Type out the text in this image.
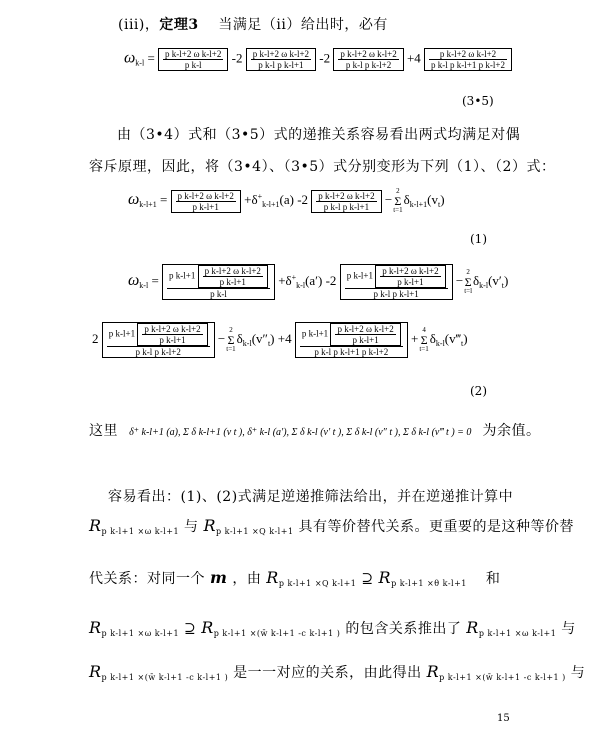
(iii)，定理3 当满足（ii）给出时，必有
$\omega_{k-l} = \frac{\text{p k-l+2 ω k-l+2}}{\text{p k-l}} -2 \frac{\text{p k-l+2 ω k-l+2}}{\text{p k-l p k-l+1}} -2 \frac{\text{p k-l+2 ω k-l+2}}{\text{p k-l p k-l+2}} +4 \frac{\text{p k-l+2 ω k-l+2}}{\text{p k-l p k-l+1 p k-l+2}}$
(3•5)
由（3•4）式和（3•5）式的递推关系容易看出两式均满足对偶
容斥原理，因此，将（3•4）、（3•5）式分别变形为下列（1）、（2）式：
$\omega_{k-l+1} = \frac{\text{p k-l+2 ω k-l+2}}{\text{p k-l+1}} +\delta^+_{k-l+1}(a)$ $-2 \frac{\text{p k-l+2 ω k-l+2}}{\text{p k-l p k-l+1}} -2$
Σ
$t=1\delta_{k-l+1}(v_t)$
(1)
$\omega_{k-l} = \frac{p k-l+1 \frac{\text{p k-l+2 ω k-l+2}}{\text{p k-l+1}}}{\text{p k-l}} +\delta^+_{k-l}(a')$ $-2 \frac{p k-l+1 \frac{\text{p k-l+2 ω k-l+2}}{\text{p k-l+1}}}{\text{p k-l p k-l+1}} -2$
Σ
$t=l\delta_{k-l}(v'_t)$
$2 \frac{p k-l+1 \frac{\text{p k-l+2 ω k-l+2}}{\text{p k-l+1}}}{\text{p k-l p k-l+2}} -2$
Σ
$t=1\delta_{k-l}(v''_t) +4 \frac{p k-l+1 \frac{\text{p k-l+2 ω k-l+2}}{\text{p k-l+1}}}{\text{p k-l p k-l+1 p k-l+2}} +4$
Σ
$t=1\delta_{k-l}(v‴_t)$
(2)
这里 δ⁺ k-l+1 (a), Σ δ k-l+1 (v t ), δ⁺ k-l (a′), Σ δ k-l (v′ t ), Σ δ k-l (v″ t ), Σ δ k-l (v‴ t ) = 0 为余值。
容易看出：(1)、(2)式满足逆递推筛法给出，并在逆递推计算中
$R_{p k-l+1 \times\omega k-l+1}$ 与 $R_{p k-l+1 \times Q k-l+1}$ 具有等价替代关系。更重要的是这种等价替
代关系：对同一个 m ，由 $R_{p k-l+1 \times Q k-l+1}$ ⊇ $R_{p k-l+1 \times\theta k-l+1}$ 和
$R_{p k-l+1 \times\omega k-l+1}$ ⊇ $R_{p k-l+1 \times(w̄ k-l+1 -c k-l+1 )}$ 的包含关系推出了 $R_{p k-l+1 \times\omega k-l+1}$ 与
$R_{p k-l+1 \times(w̄ k-l+1 -c k-l+1 )}$ 是一一对应的关系，由此得出 $R_{p k-l+1 \times(w̄ k-l+1 -c k-l+1 )}$ 与
15
